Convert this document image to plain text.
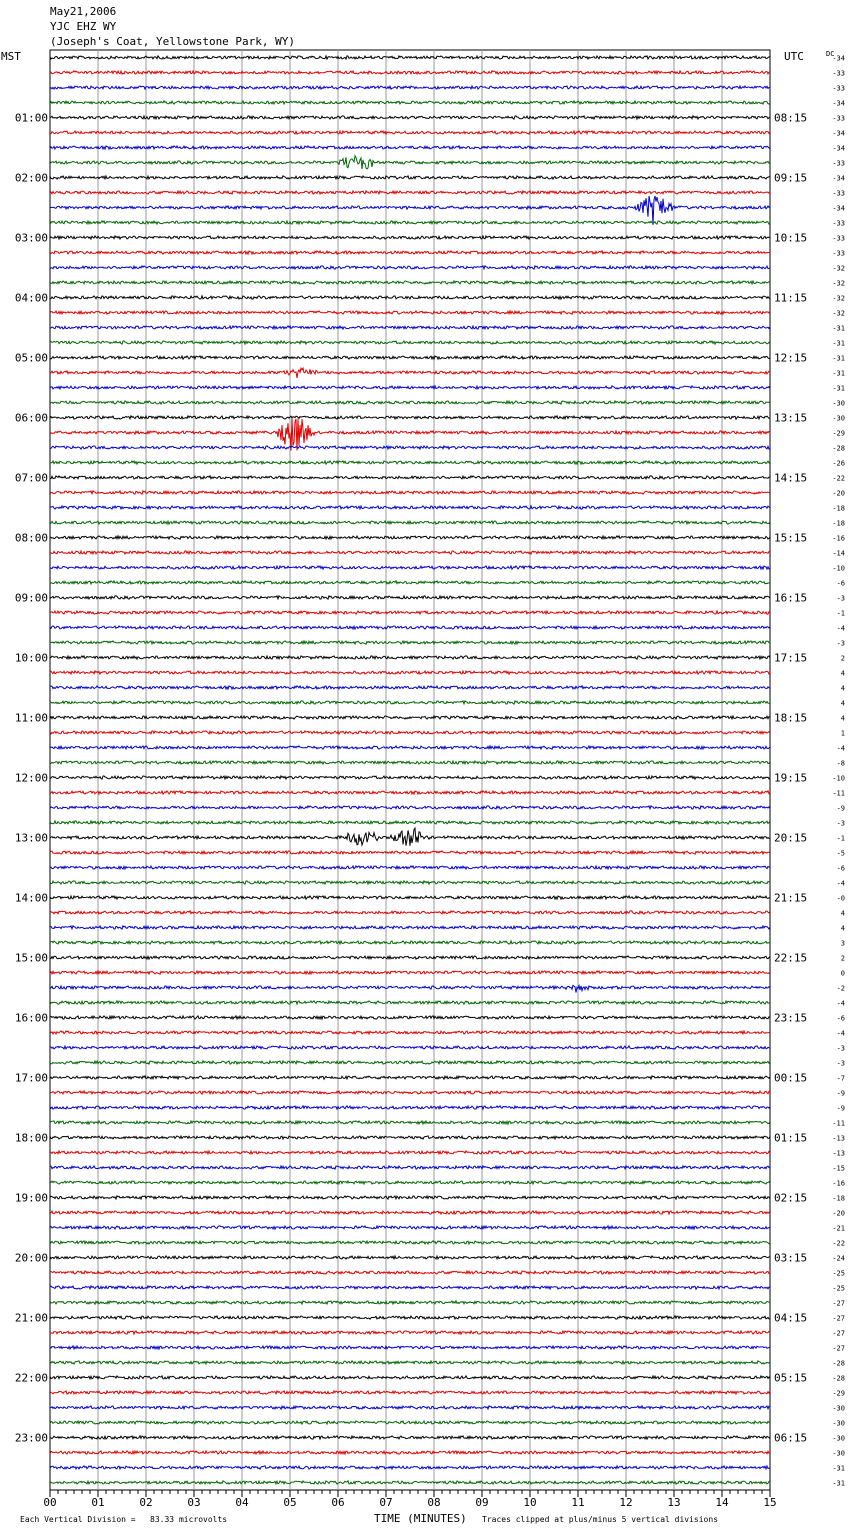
May21,2006
YJC EHZ WY
(Joseph's Coat, Yellowstone Park, WY)
MST	UTC	DC
-34
-33
-33
-34
-33
-34
-34
-33
-34
-33
-34
-33
-33
-33
-32
-32
-32
-32
-31
-31
-31
-31
-31
-30
-30
-29
-28
-26
-22
-20
-18
-18
-16
-14
-10
-6
-3
-1
-4
-3
2
4
4
4
4
1
-4
-8
-10
-11
-9
-3
-1
-5
-6
-4
-0
4
4
3
2
0
-2
-4
-6
-4
-3
-3
-7
-9
-9
-11
-13
-13
-15
-16
-18
-20
-21
-22
-24
-25
-25
-27
-27
-27
-27
-28
-28
-29
-30
-30
-30
-30
-31
-31
01:00
02:00
03:00
04:00
05:00
06:00
07:00
08:00
09:00
10:00
11:00
12:00
13:00
14:00
15:00
16:00
17:00
18:00
19:00
20:00
21:00
22:00
23:00
08:15
09:15
10:15
11:15
12:15
13:15
14:15
15:15
16:15
17:15
18:15
19:15
20:15
21:15
22:15
23:15
00:15
01:15
02:15
03:15
04:15
05:15
06:15
00	01	02	03	04	05	06	07	08	09	10	11	12	13	14	15
Each Vertical Division =   83.33 microvolts	TIME (MINUTES) Traces clipped at plus/minus 5 vertical divisions
